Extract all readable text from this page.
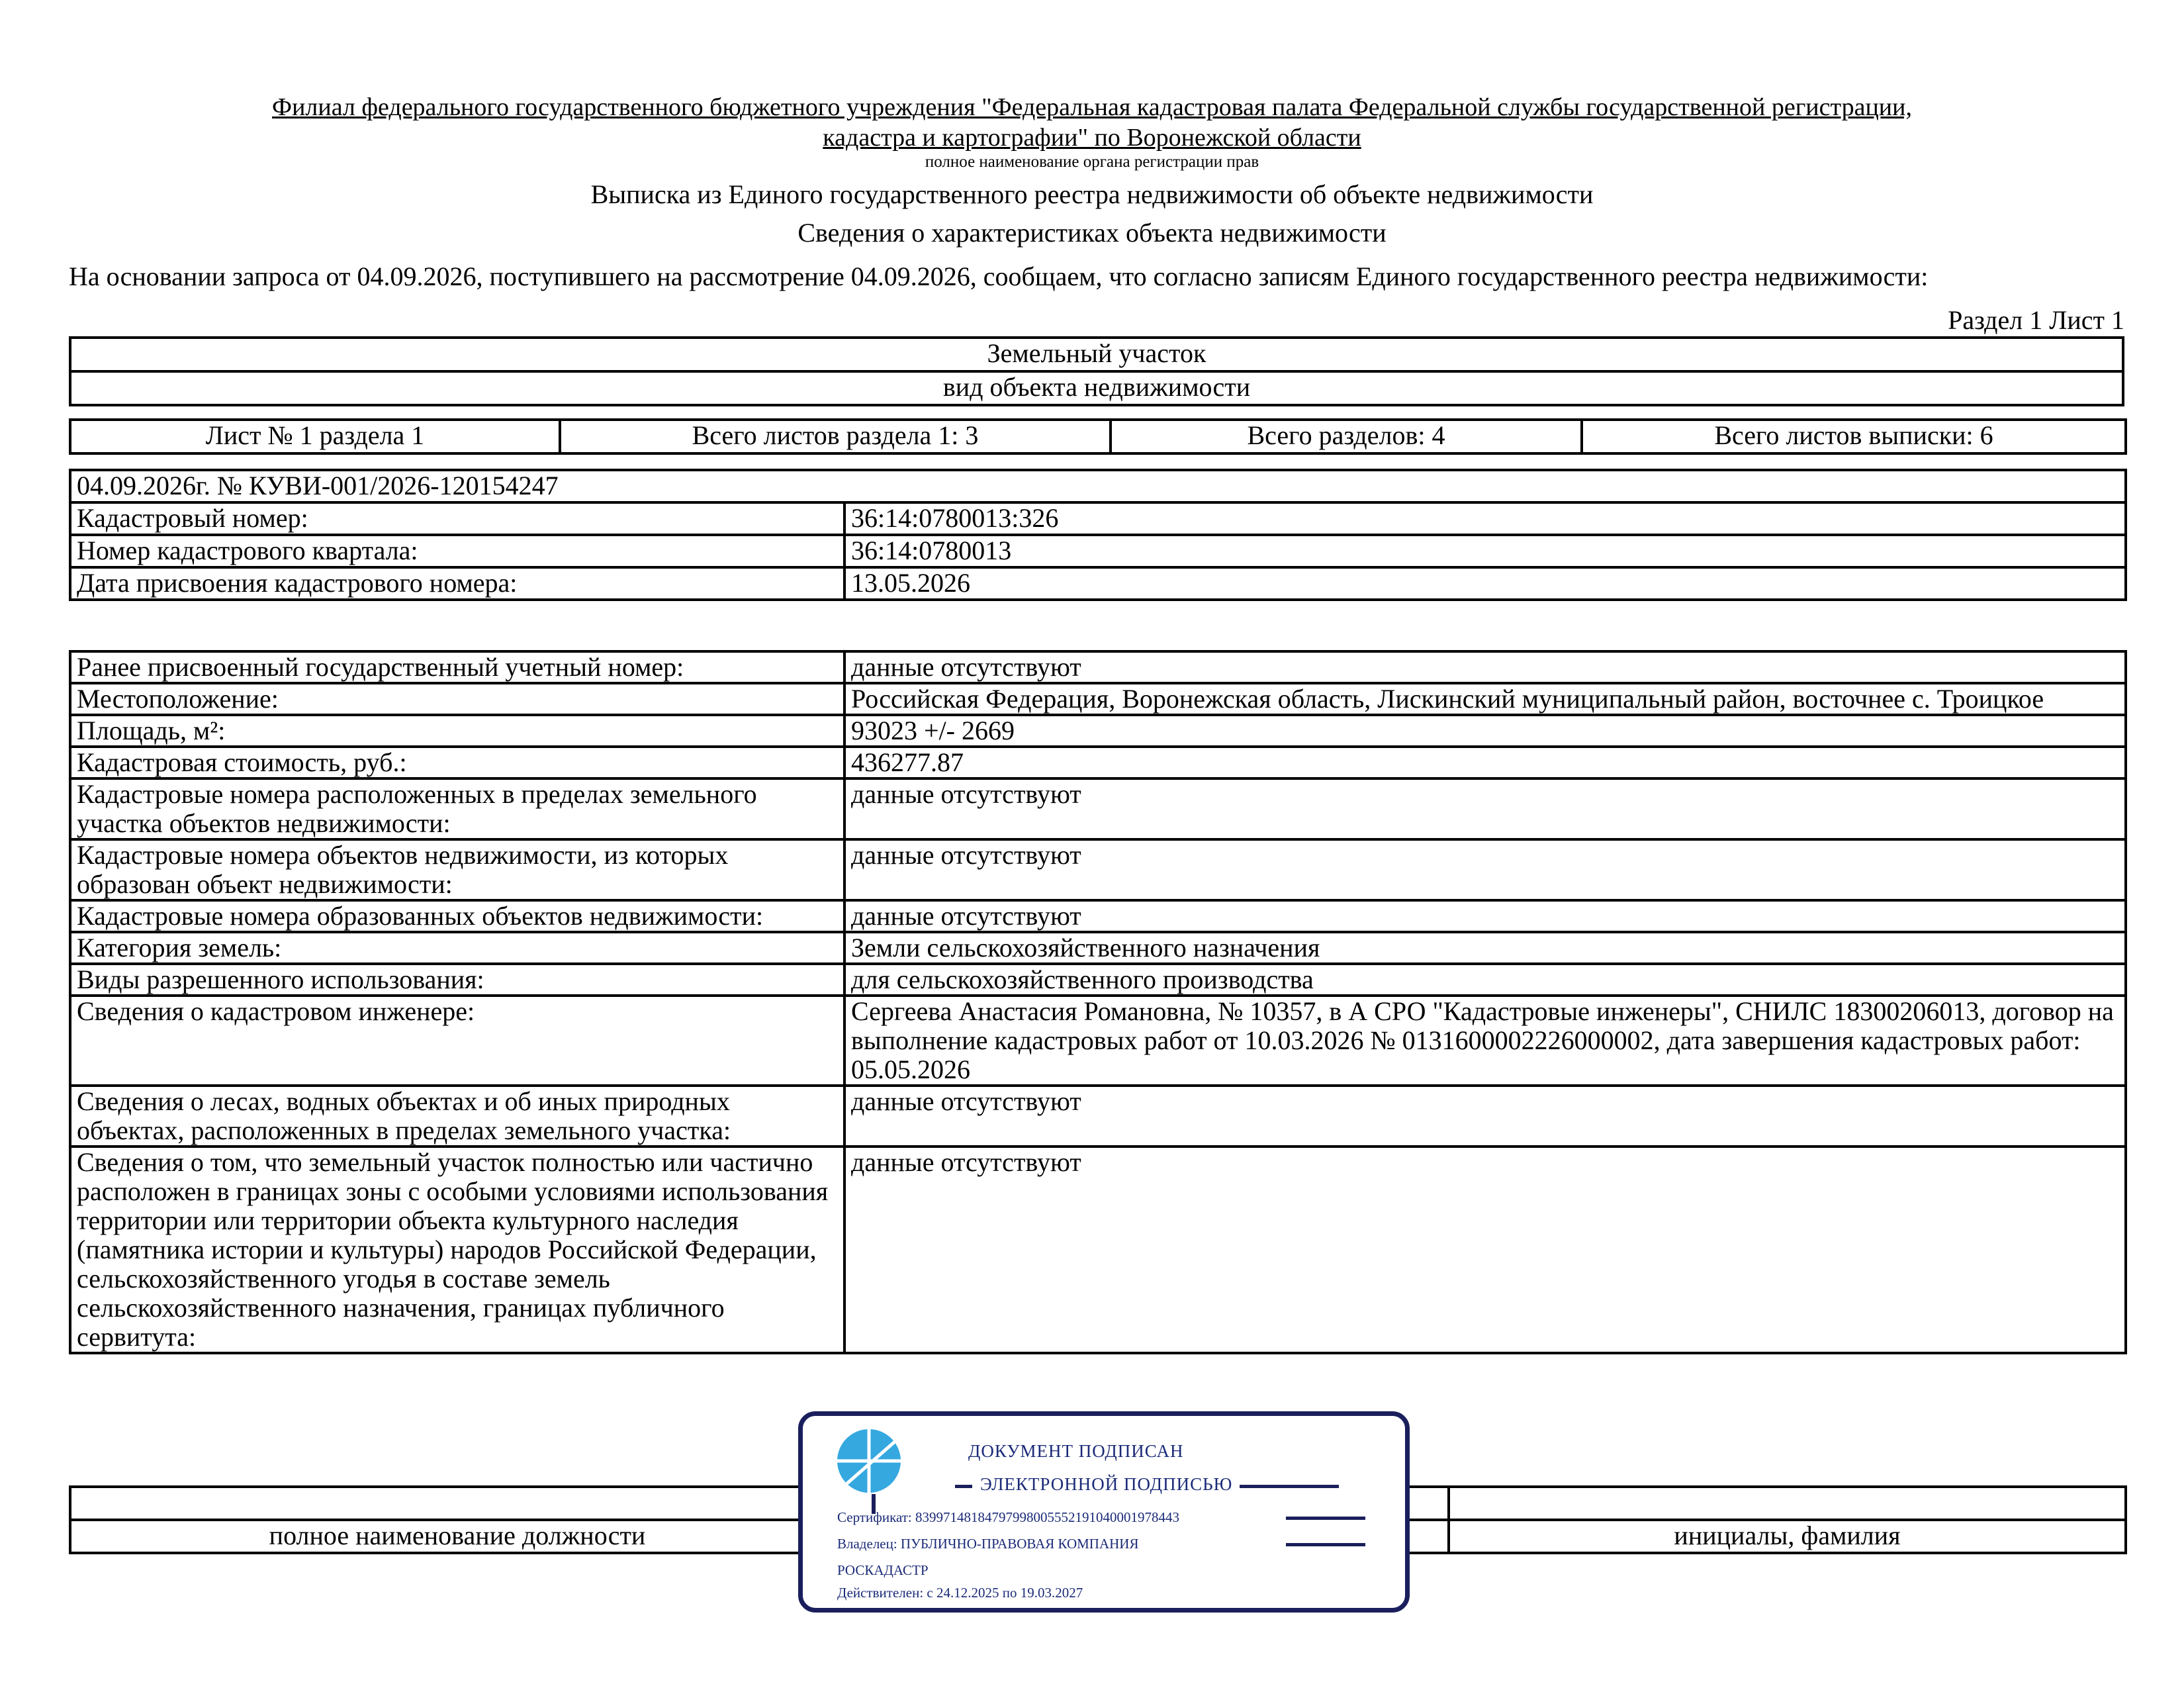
Филиал федерального государственного бюджетного учреждения "Федеральная кадастровая палата Федеральной службы государственной регистрации,
кадастра и картографии" по Воронежской области
полное наименование органа регистрации прав
Выписка из Единого государственного реестра недвижимости об объекте недвижимости
Сведения о характеристиках объекта недвижимости
На основании запроса от 04.09.2026, поступившего на рассмотрение 04.09.2026, сообщаем, что согласно записям Единого государственного реестра недвижимости:
Раздел 1 Лист 1
Земельный участок
вид объекта недвижимости
Лист № 1 раздела 1	Всего листов раздела 1: 3	Всего разделов: 4	Всего листов выписки: 6
04.09.2026г. № КУВИ-001/2026-120154247	
Кадастровый номер:	36:14:0780013:326
Номер кадастрового квартала:	36:14:0780013
Дата присвоения кадастрового номера:	13.05.2026
Ранее присвоенный государственный учетный номер:	данные отсутствуют
Местоположение:	Российская Федерация, Воронежская область, Лискинский муниципальный район, восточнее с. Троицкое
Площадь, м²:	93023 +/- 2669
Кадастровая стоимость, руб.:	436277.87
Кадастровые номера расположенных в пределах земельного участка объектов недвижимости:	данные отсутствуют
Кадастровые номера объектов недвижимости, из которых образован объект недвижимости:	данные отсутствуют
Кадастровые номера образованных объектов недвижимости:	данные отсутствуют
Категория земель:	Земли сельскохозяйственного назначения
Виды разрешенного использования:	для сельскохозяйственного производства
Сведения о кадастровом инженере:	Сергеева Анастасия Романовна, № 10357, в А СРО "Кадастровые инженеры", СНИЛС 18300206013, договор на выполнение кадастровых работ от 10.03.2026 № 0131600002226000002, дата завершения кадастровых работ: 05.05.2026
Сведения о лесах, водных объектах и об иных природных объектах, расположенных в пределах земельного участка:	данные отсутствуют
Сведения о том, что земельный участок полностью или частично расположен в границах зоны с особыми условиями использования территории или территории объекта культурного наследия (памятника истории и культуры) народов Российской Федерации, сельскохозяйственного угодья в составе земель сельскохозяйственного назначения, границах публичного сервитута:	данные отсутствуют

полное наименование должности		инициалы, фамилия
ДОКУМЕНТ ПОДПИСАН
ЭЛЕКТРОННОЙ ПОДПИСЬЮ
Сертификат: 83997148184797998005552191040001978443
Владелец: ПУБЛИЧНО-ПРАВОВАЯ КОМПАНИЯ
РОСКАДАСТР
Действителен: с 24.12.2025 по 19.03.2027
